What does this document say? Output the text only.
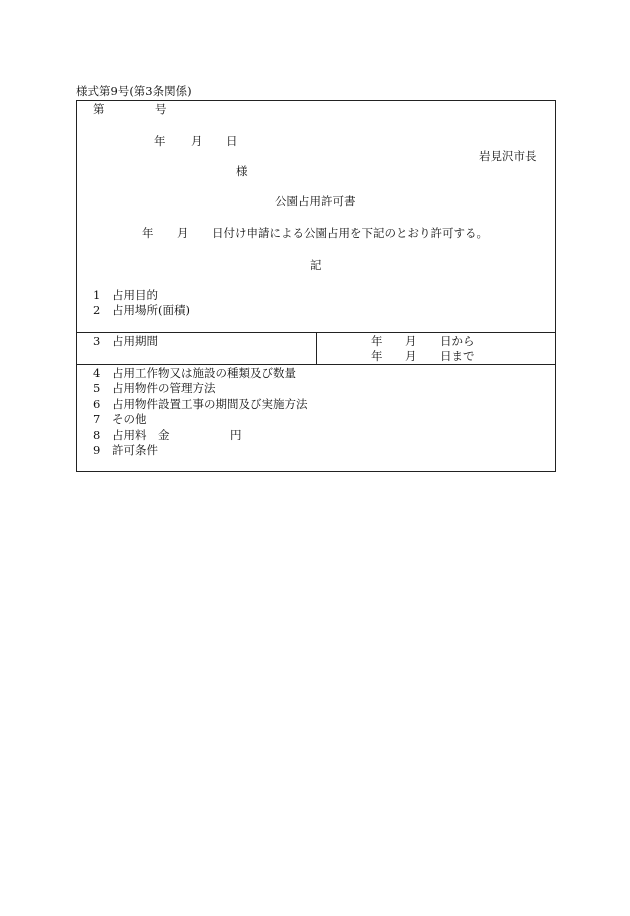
様式第9号(第3条関係)
第	号
年 月 日
岩見沢市長
様
公園占用許可書
年 月 日付け申請による公園占用を下記のとおり許可する。
記
1 占用目的
2 占用場所(面積)
3 占用期間	年 月 日から
年 月 日まで
4 占用工作物又は施設の種類及び数量
5 占用物件の管理方法
6 占用物件設置工事の期間及び実施方法
7 その他
8 占用料　金	円
9 許可条件
